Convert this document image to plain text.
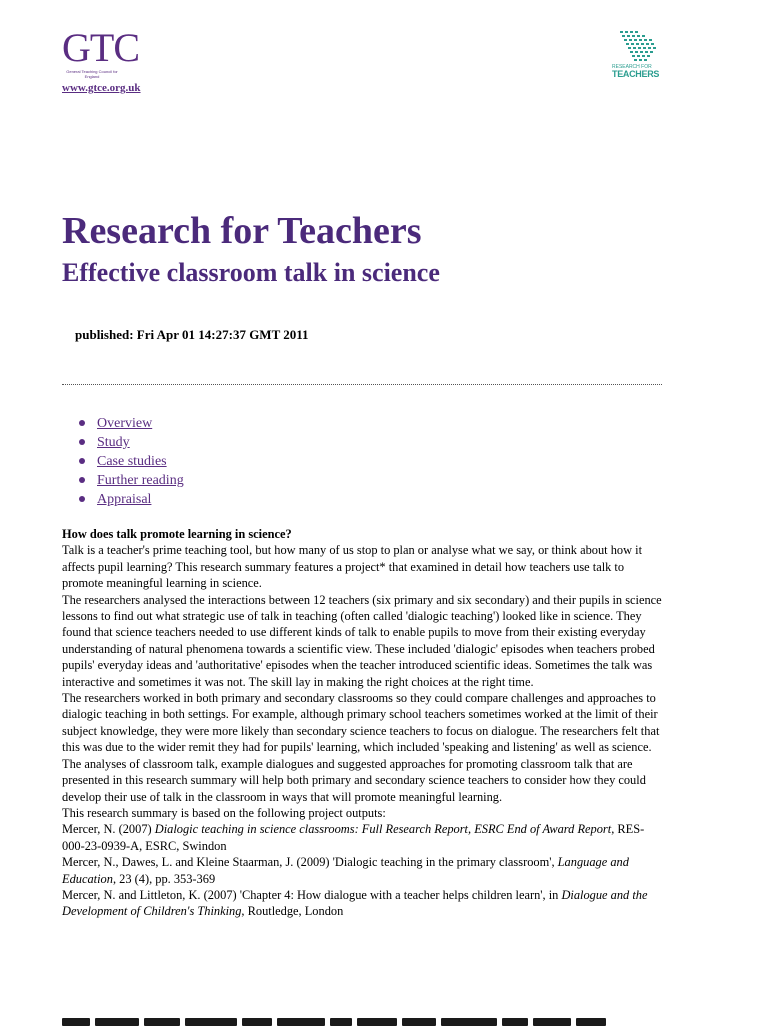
GTC
General Teaching Council for England
www.gtce.org.uk
RESEARCH FOR
TEACHERS
Research for Teachers
Effective classroom talk in science
published: Fri Apr 01 14:27:37 GMT 2011
Overview
Study
Case studies
Further reading
Appraisal

How does talk promote learning in science?

Talk is a teacher's prime teaching tool, but how many of us stop to plan or analyse what we say, or think about how it affects pupil learning? This research summary features a project* that examined in detail how teachers use talk to promote meaningful learning in science.

The researchers analysed the interactions between 12 teachers (six primary and six secondary) and their pupils in science lessons to find out what strategic use of talk in teaching (often called 'dialogic teaching') looked like in science. They found that science teachers needed to use different kinds of talk to enable pupils to move from their existing everyday understanding of natural phenomena towards a scientific view. These included 'dialogic' episodes when teachers probed pupils' everyday ideas and 'authoritative' episodes when the teacher introduced scientific ideas. Sometimes the talk was interactive and sometimes it was not. The skill lay in making the right choices at the right time.

The researchers worked in both primary and secondary classrooms so they could compare challenges and approaches to dialogic teaching in both settings. For example, although primary school teachers sometimes worked at the limit of their subject knowledge, they were more likely than secondary science teachers to focus on dialogue. The researchers felt that this was due to the wider remit they had for pupils' learning, which included 'speaking and listening' as well as science.

The analyses of classroom talk, example dialogues and suggested approaches for promoting classroom talk that are presented in this research summary will help both primary and secondary science teachers to consider how they could develop their use of talk in the classroom in ways that will promote meaningful learning.

This research summary is based on the following project outputs:

Mercer, N. (2007) Dialogic teaching in science classrooms: Full Research Report, ESRC End of Award Report, RES-000-23-0939-A, ESRC, Swindon

Mercer, N., Dawes, L. and Kleine Staarman, J. (2009) 'Dialogic teaching in the primary classroom', Language and Education, 23 (4), pp. 353-369

Mercer, N. and Littleton, K. (2007) 'Chapter 4: How dialogue with a teacher helps children learn', in Dialogue and the Development of Children's Thinking, Routledge, London
